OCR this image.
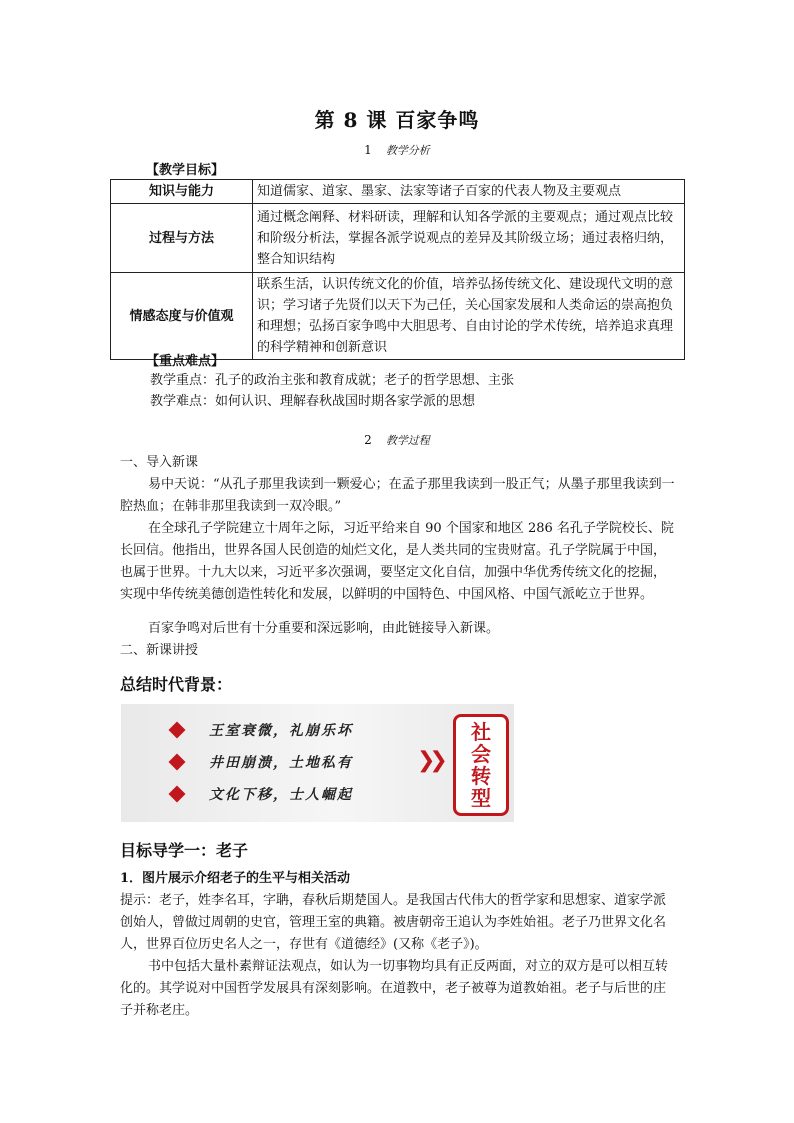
第 8 课 百家争鸣
1 教学分析
【教学目标】
知识与能力	知道儒家、道家、墨家、法家等诸子百家的代表人物及主要观点
过程与方法	通过概念阐释、材料研读，理解和认知各学派的主要观点；通过观点比较和阶级分析法，掌握各派学说观点的差异及其阶级立场；通过表格归纳，整合知识结构
情感态度与价值观	联系生活，认识传统文化的价值，培养弘扬传统文化、建设现代文明的意识；学习诸子先贤们以天下为己任，关心国家发展和人类命运的崇高抱负和理想；弘扬百家争鸣中大胆思考、自由讨论的学术传统，培养追求真理的科学精神和创新意识
【重点难点】

教学重点：孔子的政治主张和教育成就；老子的哲学思想、主张

教学难点：如何认识、理解春秋战国时期各家学派的思想

2 教学过程

一、导入新课

易中天说：“从孔子那里我读到一颗爱心；在孟子那里我读到一股正气；从墨子那里我读到一腔热血；在韩非那里我读到一双冷眼。”

在全球孔子学院建立十周年之际，习近平给来自 90 个国家和地区 286 名孔子学院校长、院长回信。他指出，世界各国人民创造的灿烂文化，是人类共同的宝贵财富。孔子学院属于中国，也属于世界。十九大以来，习近平多次强调，要坚定文化自信，加强中华优秀传统文化的挖掘，实现中华传统美德创造性转化和发展，以鲜明的中国特色、中国风格、中国气派屹立于世界。

百家争鸣对后世有十分重要和深远影响，由此链接导入新课。

二、新课讲授

总结时代背景：
王室衰微，礼崩乐坏
井田崩溃，土地私有
文化下移，士人崛起
❯❯
社
会
转
型
目标导学一：老子

1．图片展示介绍老子的生平与相关活动

提示：老子，姓李名耳，字聃，春秋后期楚国人。是我国古代伟大的哲学家和思想家、道家学派创始人，曾做过周朝的史官，管理王室的典籍。被唐朝帝王追认为李姓始祖。老子乃世界文化名人，世界百位历史名人之一，存世有《道德经》(又称《老子》)。

书中包括大量朴素辩证法观点，如认为一切事物均具有正反两面，对立的双方是可以相互转化的。其学说对中国哲学发展具有深刻影响。在道教中，老子被尊为道教始祖。老子与后世的庄子并称老庄。
